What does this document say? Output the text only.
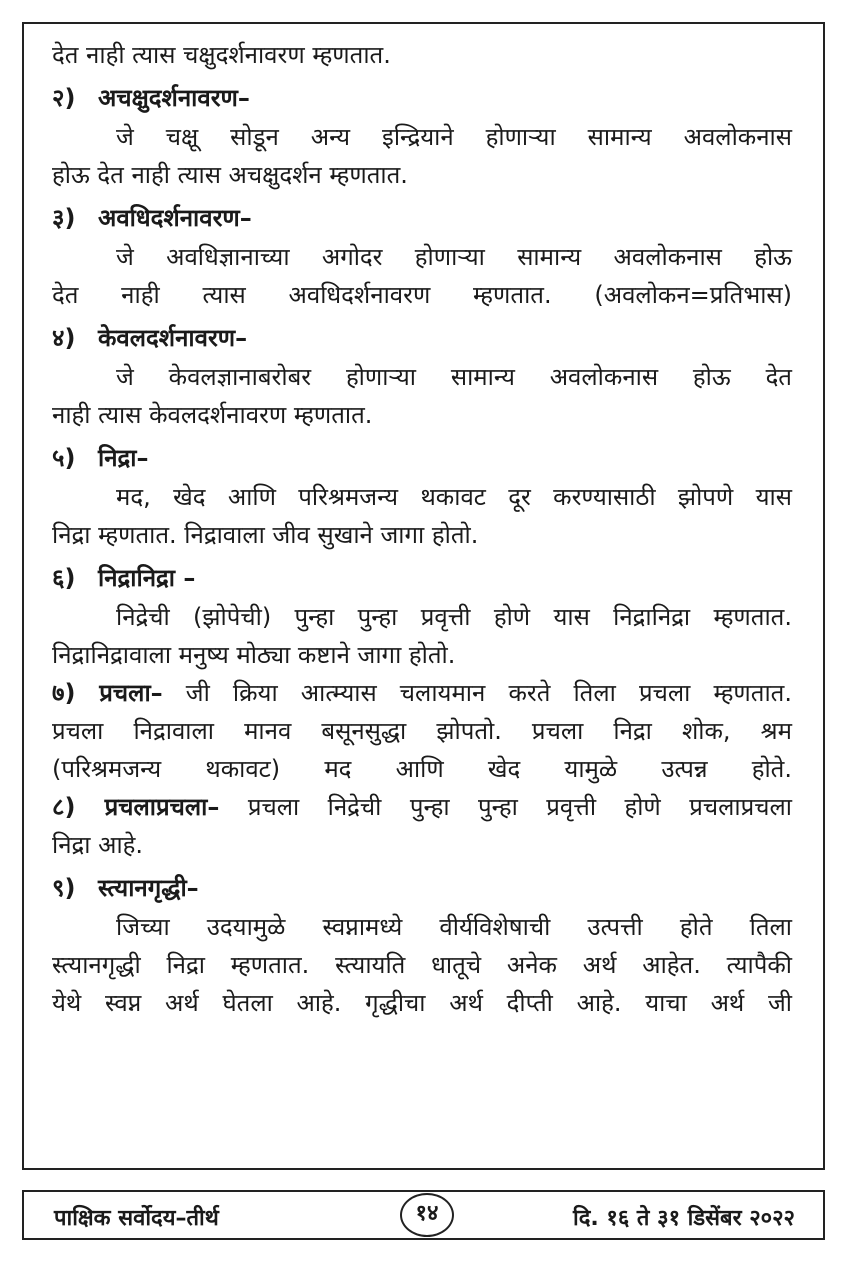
देत नाही त्यास चक्षुदर्शनावरण म्हणतात.
२) अचक्षुदर्शनावरण–
जे चक्षू सोडून अन्य इन्द्रियाने होणाऱ्या सामान्य अवलोकनास
होऊ देत नाही त्यास अचक्षुदर्शन म्हणतात.
३) अवधिदर्शनावरण–
जे अवधिज्ञानाच्या अगोदर होणाऱ्या सामान्य अवलोकनास होऊ
देत नाही त्यास अवधिदर्शनावरण म्हणतात. (अवलोकन=प्रतिभास)
४) केवलदर्शनावरण–
जे केवलज्ञानाबरोबर होणाऱ्या सामान्य अवलोकनास होऊ देत
नाही त्यास केवलदर्शनावरण म्हणतात.
५) निद्रा–
मद, खेद आणि परिश्रमजन्य थकावट दूर करण्यासाठी झोपणे यास
निद्रा म्हणतात. निद्रावाला जीव सुखाने जागा होतो.
६) निद्रानिद्रा –
निद्रेची (झोपेची) पुन्हा पुन्हा प्रवृत्ती होणे यास निद्रानिद्रा म्हणतात.
निद्रानिद्रावाला मनुष्य मोठ्या कष्टाने जागा होतो.
७) प्रचला– जी क्रिया आत्म्यास चलायमान करते तिला प्रचला म्हणतात.
प्रचला निद्रावाला मानव बसूनसुद्धा झोपतो. प्रचला निद्रा शोक, श्रम
(परिश्रमजन्य थकावट) मद आणि खेद यामुळे उत्पन्न होते.
८) प्रचलाप्रचला– प्रचला निद्रेची पुन्हा पुन्हा प्रवृत्ती होणे प्रचलाप्रचला
निद्रा आहे.
९) स्त्यानगृद्धी–
जिच्या उदयामुळे स्वप्नामध्ये वीर्यविशेषाची उत्पत्ती होते तिला
स्त्यानगृद्धी निद्रा म्हणतात. स्त्यायति धातूचे अनेक अर्थ आहेत. त्यापैकी
येथे स्वप्न अर्थ घेतला आहे. गृद्धीचा अर्थ दीप्ती आहे. याचा अर्थ जी
पाक्षिक सर्वोदय–तीर्थ	१४	दि. १६ ते ३१ डिसेंबर २०२२
